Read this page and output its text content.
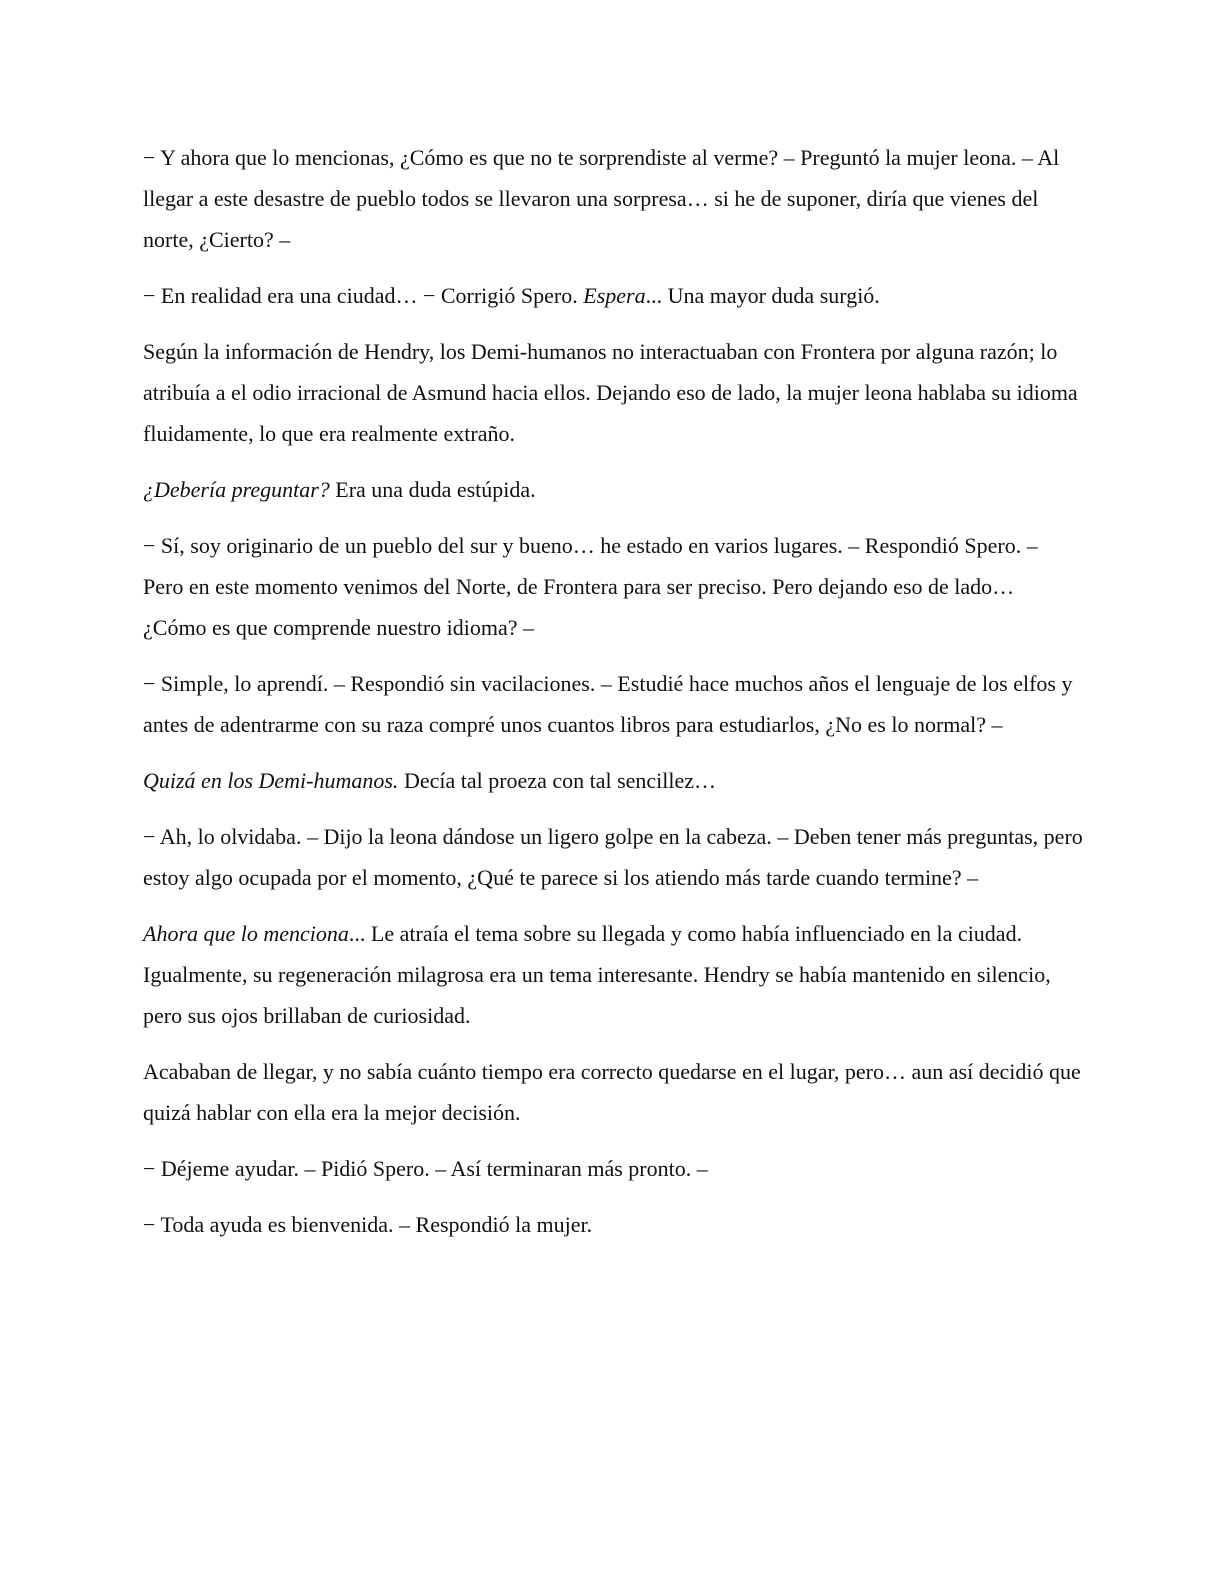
− Y ahora que lo mencionas, ¿Cómo es que no te sorprendiste al verme? – Preguntó la mujer leona. – Al llegar a este desastre de pueblo todos se llevaron una sorpresa… si he de suponer, diría que vienes del norte, ¿Cierto? –

− En realidad era una ciudad… − Corrigió Spero. Espera... Una mayor duda surgió.

Según la información de Hendry, los Demi-humanos no interactuaban con Frontera por alguna razón; lo atribuía a el odio irracional de Asmund hacia ellos. Dejando eso de lado, la mujer leona hablaba su idioma fluidamente, lo que era realmente extraño.

¿Debería preguntar? Era una duda estúpida.

− Sí, soy originario de un pueblo del sur y bueno… he estado en varios lugares. – Respondió Spero. – Pero en este momento venimos del Norte, de Frontera para ser preciso. Pero dejando eso de lado… ¿Cómo es que comprende nuestro idioma? –

− Simple, lo aprendí. – Respondió sin vacilaciones. – Estudié hace muchos años el lenguaje de los elfos y antes de adentrarme con su raza compré unos cuantos libros para estudiarlos, ¿No es lo normal? –

Quizá en los Demi-humanos. Decía tal proeza con tal sencillez…

− Ah, lo olvidaba. – Dijo la leona dándose un ligero golpe en la cabeza. – Deben tener más preguntas, pero estoy algo ocupada por el momento, ¿Qué te parece si los atiendo más tarde cuando termine? –

Ahora que lo menciona... Le atraía el tema sobre su llegada y como había influenciado en la ciudad. Igualmente, su regeneración milagrosa era un tema interesante. Hendry se había mantenido en silencio, pero sus ojos brillaban de curiosidad.

Acababan de llegar, y no sabía cuánto tiempo era correcto quedarse en el lugar, pero… aun así decidió que quizá hablar con ella era la mejor decisión.

− Déjeme ayudar. – Pidió Spero. – Así terminaran más pronto. –

− Toda ayuda es bienvenida. – Respondió la mujer.
